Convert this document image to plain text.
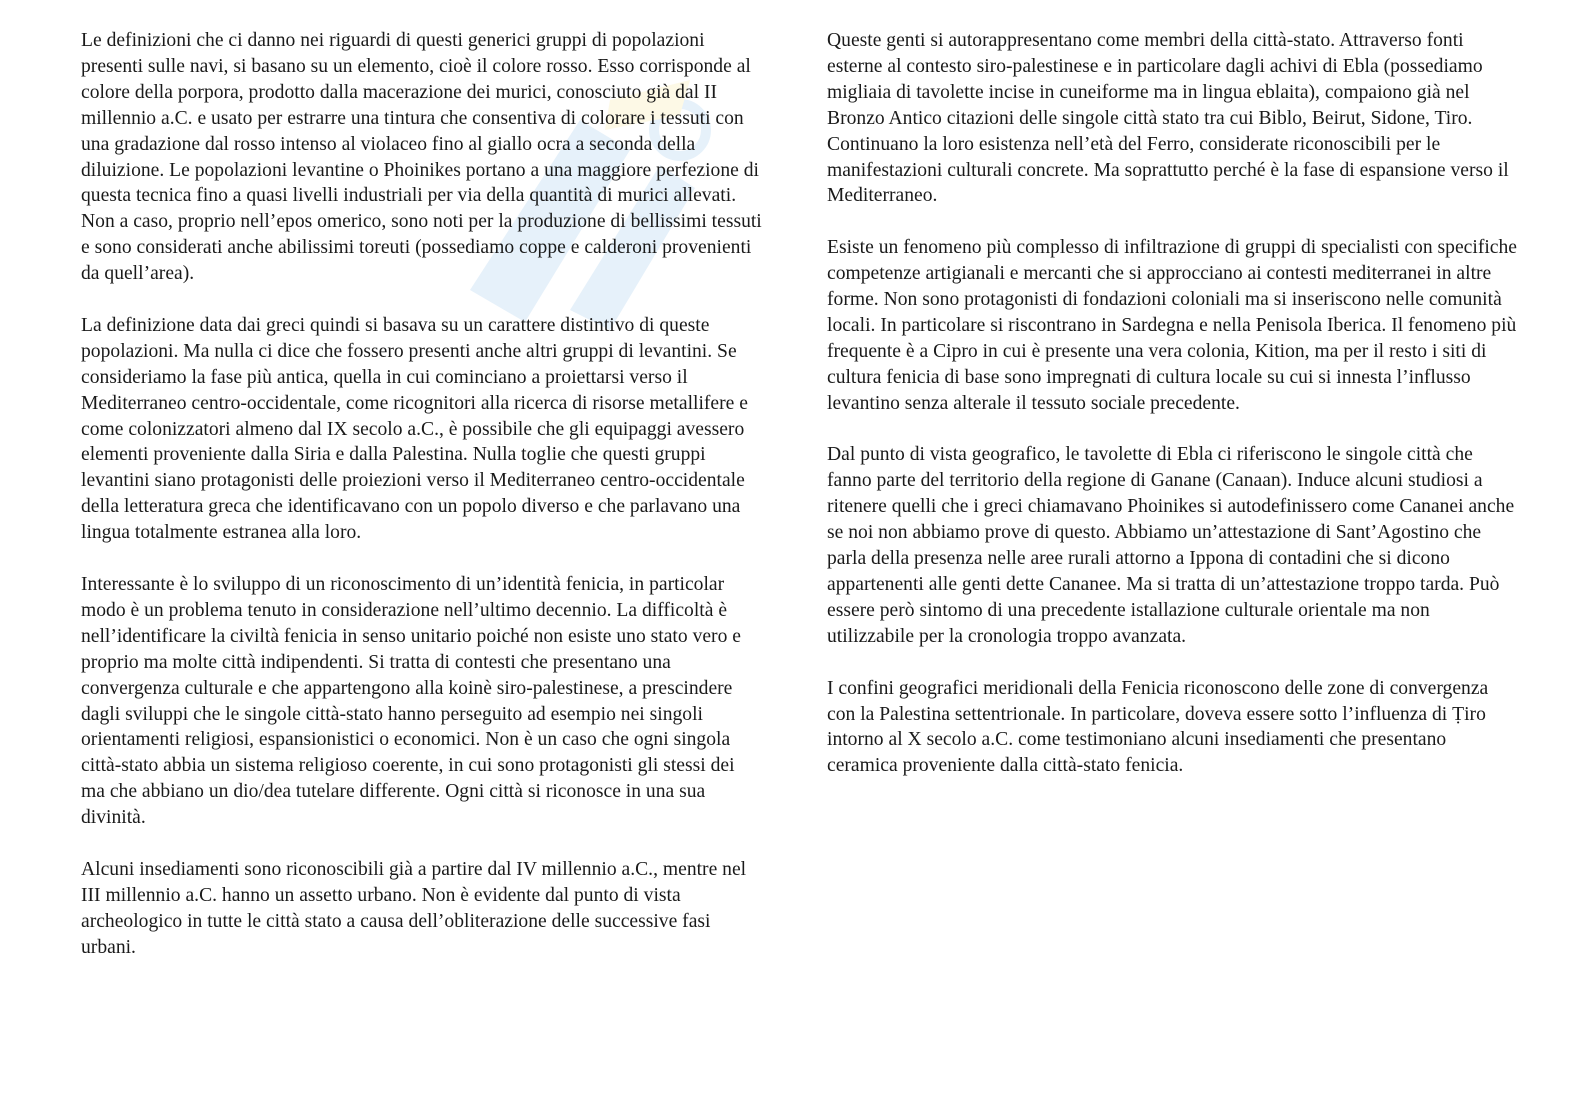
Le definizioni che ci danno nei riguardi di questi generici gruppi di popolazioni presenti sulle navi, si basano su un elemento, cioè il colore rosso. Esso corrisponde al colore della porpora, prodotto dalla macerazione dei murici, conosciuto già dal II millennio a.C. e usato per estrarre una tintura che consentiva di colorare i tessuti con una gradazione dal rosso intenso al violaceo fino al giallo ocra a seconda della diluizione. Le popolazioni levantine o Phoinikes portano a una maggiore perfezione di questa tecnica fino a quasi livelli industriali per via della quantità di murici allevati. Non a caso, proprio nell’epos omerico, sono noti per la produzione di bellissimi tessuti e sono considerati anche abilissimi toreuti (possediamo coppe e calderoni provenienti da quell’area).

La definizione data dai greci quindi si basava su un carattere distintivo di queste popolazioni. Ma nulla ci dice che fossero presenti anche altri gruppi di levantini. Se consideriamo la fase più antica, quella in cui cominciano a proiettarsi verso il Mediterraneo centro-occidentale, come ricognitori alla ricerca di risorse metallifere e come colonizzatori almeno dal IX secolo a.C., è possibile che gli equipaggi avessero elementi proveniente dalla Siria e dalla Palestina. Nulla toglie che questi gruppi levantini siano protagonisti delle proiezioni verso il Mediterraneo centro-occidentale della letteratura greca che identificavano con un popolo diverso e che parlavano una lingua totalmente estranea alla loro.

Interessante è lo sviluppo di un riconoscimento di un’identità fenicia, in particolar modo è un problema tenuto in considerazione nell’ultimo decennio. La difficoltà è nell’identificare la civiltà fenicia in senso unitario poiché non esiste uno stato vero e proprio ma molte città indipendenti. Si tratta di contesti che presentano una convergenza culturale e che appartengono alla koinè siro-palestinese, a prescindere dagli sviluppi che le singole città-stato hanno perseguito ad esempio nei singoli orientamenti religiosi, espansionistici o economici. Non è un caso che ogni singola città-stato abbia un sistema religioso coerente, in cui sono protagonisti gli stessi dei ma che abbiano un dio/dea tutelare differente. Ogni città si riconosce in una sua divinità.

Alcuni insediamenti sono riconoscibili già a partire dal IV millennio a.C., mentre nel III millennio a.C. hanno un assetto urbano. Non è evidente dal punto di vista archeologico in tutte le città stato a causa dell’obliterazione delle successive fasi urbani.

Queste genti si autorappresentano come membri della città-stato. Attraverso fonti esterne al contesto siro-palestinese e in particolare dagli achivi di Ebla (possediamo migliaia di tavolette incise in cuneiforme ma in lingua eblaita), compaiono già nel Bronzo Antico citazioni delle singole città stato tra cui Biblo, Beirut, Sidone, Tiro. Continuano la loro esistenza nell’età del Ferro, considerate riconoscibili per le manifestazioni culturali concrete. Ma soprattutto perché è la fase di espansione verso il Mediterraneo.

Esiste un fenomeno più complesso di infiltrazione di gruppi di specialisti con specifiche competenze artigianali e mercanti che si approcciano ai contesti mediterranei in altre forme. Non sono protagonisti di fondazioni coloniali ma si inseriscono nelle comunità locali. In particolare si riscontrano in Sardegna e nella Penisola Iberica. Il fenomeno più frequente è a Cipro in cui è presente una vera colonia, Kition, ma per il resto i siti di cultura fenicia di base sono impregnati di cultura locale su cui si innesta l’influsso levantino senza alterale il tessuto sociale precedente.

Dal punto di vista geografico, le tavolette di Ebla ci riferiscono le singole città che fanno parte del territorio della regione di Ganane (Canaan). Induce alcuni studiosi a ritenere quelli che i greci chiamavano Phoinikes si autodefinissero come Cananei anche se noi non abbiamo prove di questo. Abbiamo un’attestazione di Sant’Agostino che parla della presenza nelle aree rurali attorno a Ippona di contadini che si dicono appartenenti alle genti dette Cananee. Ma si tratta di un’attestazione troppo tarda. Può essere però sintomo di una precedente istallazione culturale orientale ma non utilizzabile per la cronologia troppo avanzata.

I confini geografici meridionali della Fenicia riconoscono delle zone di convergenza con la Palestina settentrionale. In particolare, doveva essere sotto l’influenza di Ṭiro intorno al X secolo a.C. come testimoniano alcuni insediamenti che presentano ceramica proveniente dalla città-stato fenicia.
